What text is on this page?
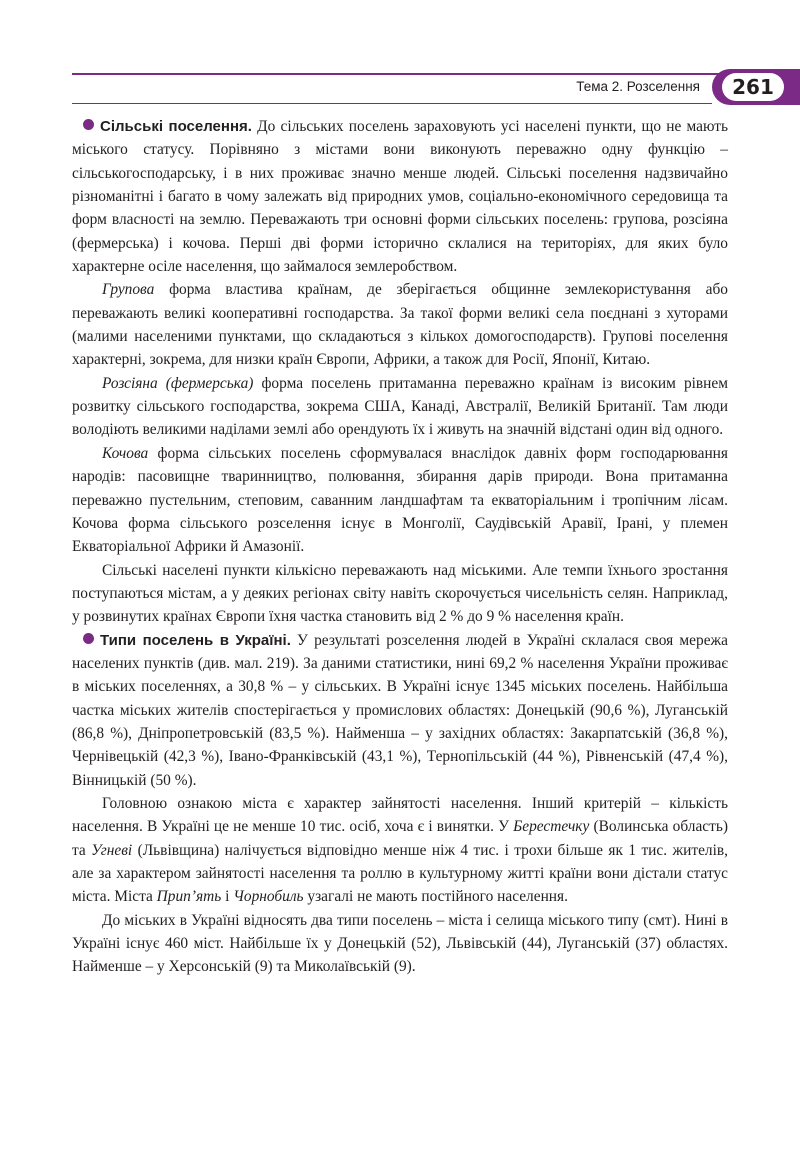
Тема 2. Розселення	261

Сільські поселення. До сільських поселень зараховують усі населені пункти, що не мають міського статусу. Порівняно з містами вони виконують переважно одну функцію – сільськогосподарську, і в них проживає значно менше людей. Сільські поселення надзвичайно різноманітні і багато в чому залежать від природних умов, соціально-економічного середовища та форм власності на землю. Переважають три основні форми сільських поселень: групова, розсіяна (фермерська) і кочова. Перші дві форми історично склалися на територіях, для яких було характерне осіле населення, що займалося землеробством.

Групова форма властива країнам, де зберігається общинне землекористування або переважають великі кооперативні господарства. За такої форми великі села поєднані з хуторами (малими населеними пунктами, що складаються з кількох домогосподарств). Групові поселення характерні, зокрема, для низки країн Європи, Африки, а також для Росії, Японії, Китаю.

Розсіяна (фермерська) форма поселень притаманна переважно країнам із високим рівнем розвитку сільського господарства, зокрема США, Канаді, Австралії, Великій Британії. Там люди володіють великими наділами землі або орендують їх і живуть на значній відстані один від одного.

Кочова форма сільських поселень сформувалася внаслідок давніх форм господарювання народів: пасовищне тваринництво, полювання, збирання дарів природи. Вона притаманна переважно пустельним, степовим, саванним ландшафтам та екваторіальним і тропічним лісам. Кочова форма сільського розселення існує в Монголії, Саудівській Аравії, Ірані, у племен Екваторіальної Африки й Амазонії.

Сільські населені пункти кількісно переважають над міськими. Але темпи їхнього зростання поступаються містам, а у деяких регіонах світу навіть скорочується чисельність селян. Наприклад, у розвинутих країнах Європи їхня частка становить від 2 % до 9 % населення країн.

Типи поселень в Україні. У результаті розселення людей в Україні склалася своя мережа населених пунктів (див. мал. 219). За даними статистики, нині 69,2 % населення України проживає в міських поселеннях, а 30,8 % – у сільських. В Україні існує 1345 міських поселень. Найбільша частка міських жителів спостерігається у промислових областях: Донецькій (90,6 %), Луганській (86,8 %), Дніпропетровській (83,5 %). Найменша – у західних областях: Закарпатській (36,8 %), Чернівецькій (42,3 %), Івано-Франківській (43,1 %), Тернопільській (44 %), Рівненській (47,4 %), Вінницькій (50 %).

Головною ознакою міста є характер зайнятості населення. Інший критерій – кількість населення. В Україні це не менше 10 тис. осіб, хоча є і винятки. У Берестечку (Волинська область) та Угневі (Львівщина) налічується відповідно менше ніж 4 тис. і трохи більше як 1 тис. жителів, але за характером зайнятості населення та роллю в культурному житті країни вони дістали статус міста. Міста Прип’ять і Чорнобиль узагалі не мають постійного населення.

До міських в Україні відносять два типи поселень – міста і селища міського типу (смт). Нині в Україні існує 460 міст. Найбільше їх у Донецькій (52), Львівській (44), Луганській (37) областях. Найменше – у Херсонській (9) та Миколаївській (9).
